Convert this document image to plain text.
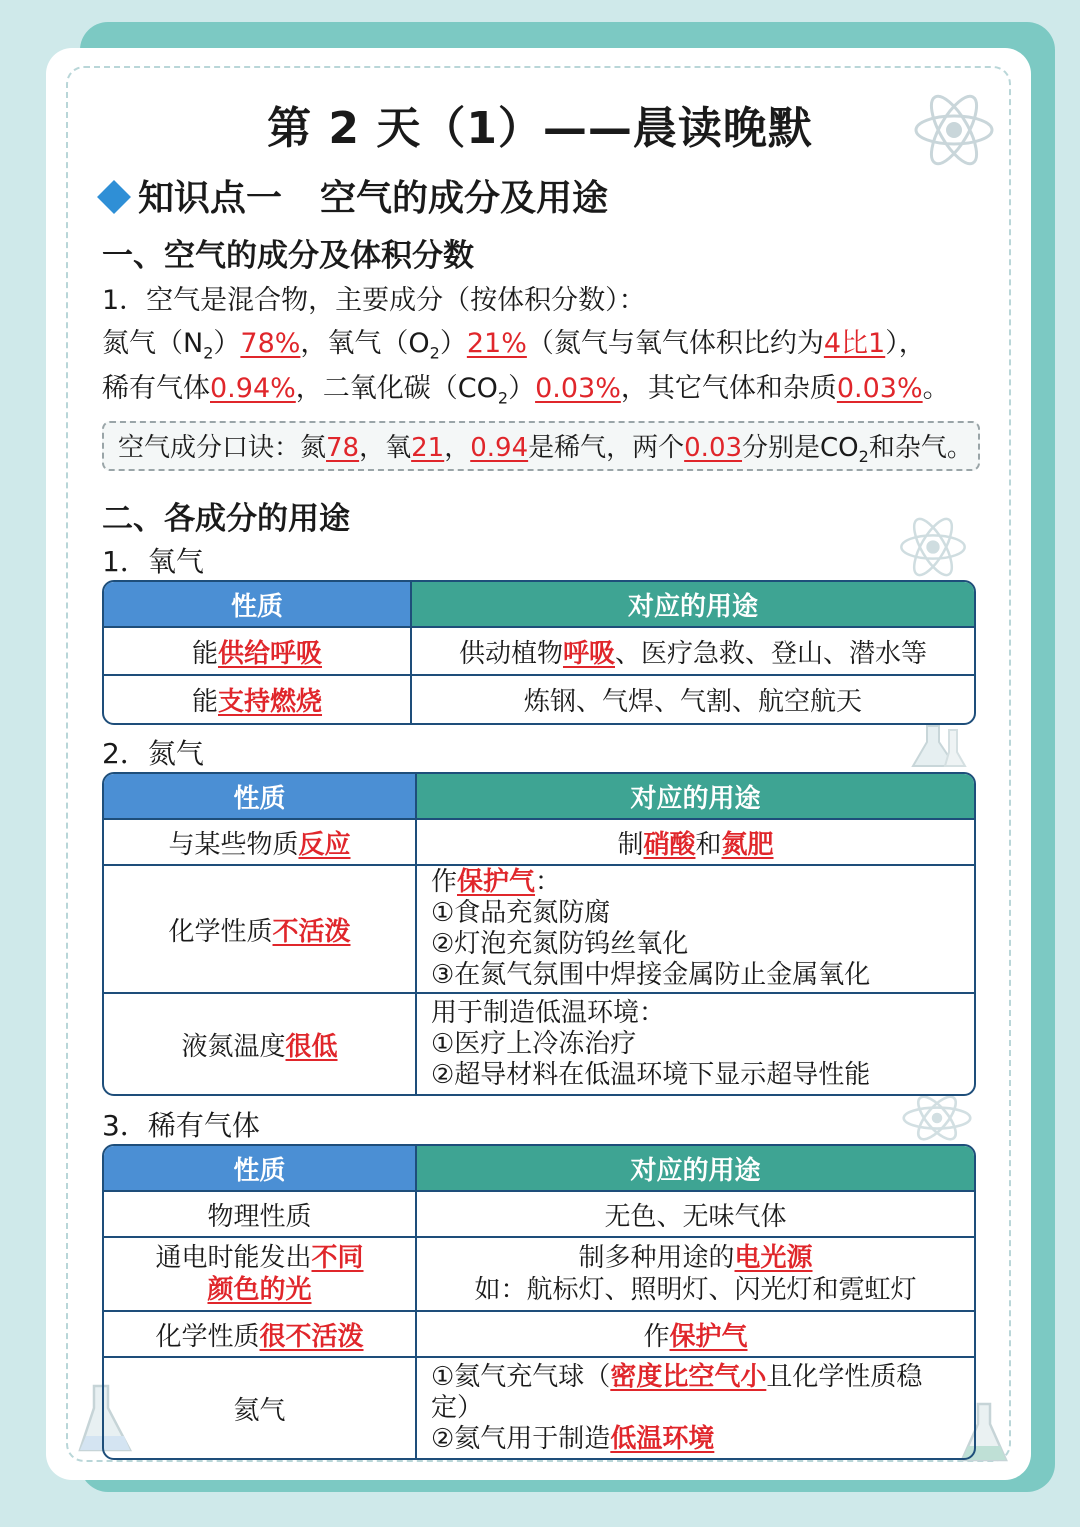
第 2 天（1）——晨读晚默
知识点一 空气的成分及用途
一、空气的成分及体积分数
1．空气是混合物，主要成分（按体积分数）：
氮气$(N_2)78\%$，氧气$(O_2)21\%$（氮气与氧气体积比约为4比1），
稀有气体0.94%，二氧化碳$(CO_2)0.03\%$，其它气体和杂质0.03%。
空气成分口诀：氮78，氧21，0.94是稀气，两个0.03分别是$CO_2$和杂气。
二、各成分的用途
1．氧气
性质	对应的用途
能供给呼吸	供动植物呼吸、医疗急救、登山、潜水等
能支持燃烧	炼钢、气焊、气割、航空航天
2．氮气
性质	对应的用途
与某些物质反应	制硝酸和氮肥
化学性质不活泼	作保护气：
①食品充氮防腐
②灯泡充氮防钨丝氧化
③在氮气氛围中焊接金属防止金属氧化

液氮温度很低	用于制造低温环境：
①医疗上冷冻治疗
②超导材料在低温环境下显示超导性能
3．稀有气体
性质	对应的用途
物理性质	无色、无味气体
通电时能发出不同
颜色的光	制多种用途的电光源
如：航标灯、照明灯、闪光灯和霓虹灯
化学性质很不活泼	作保护气
氦气	①氦气充气球（密度比空气小且化学性质稳
定）
②氦气用于制造低温环境
